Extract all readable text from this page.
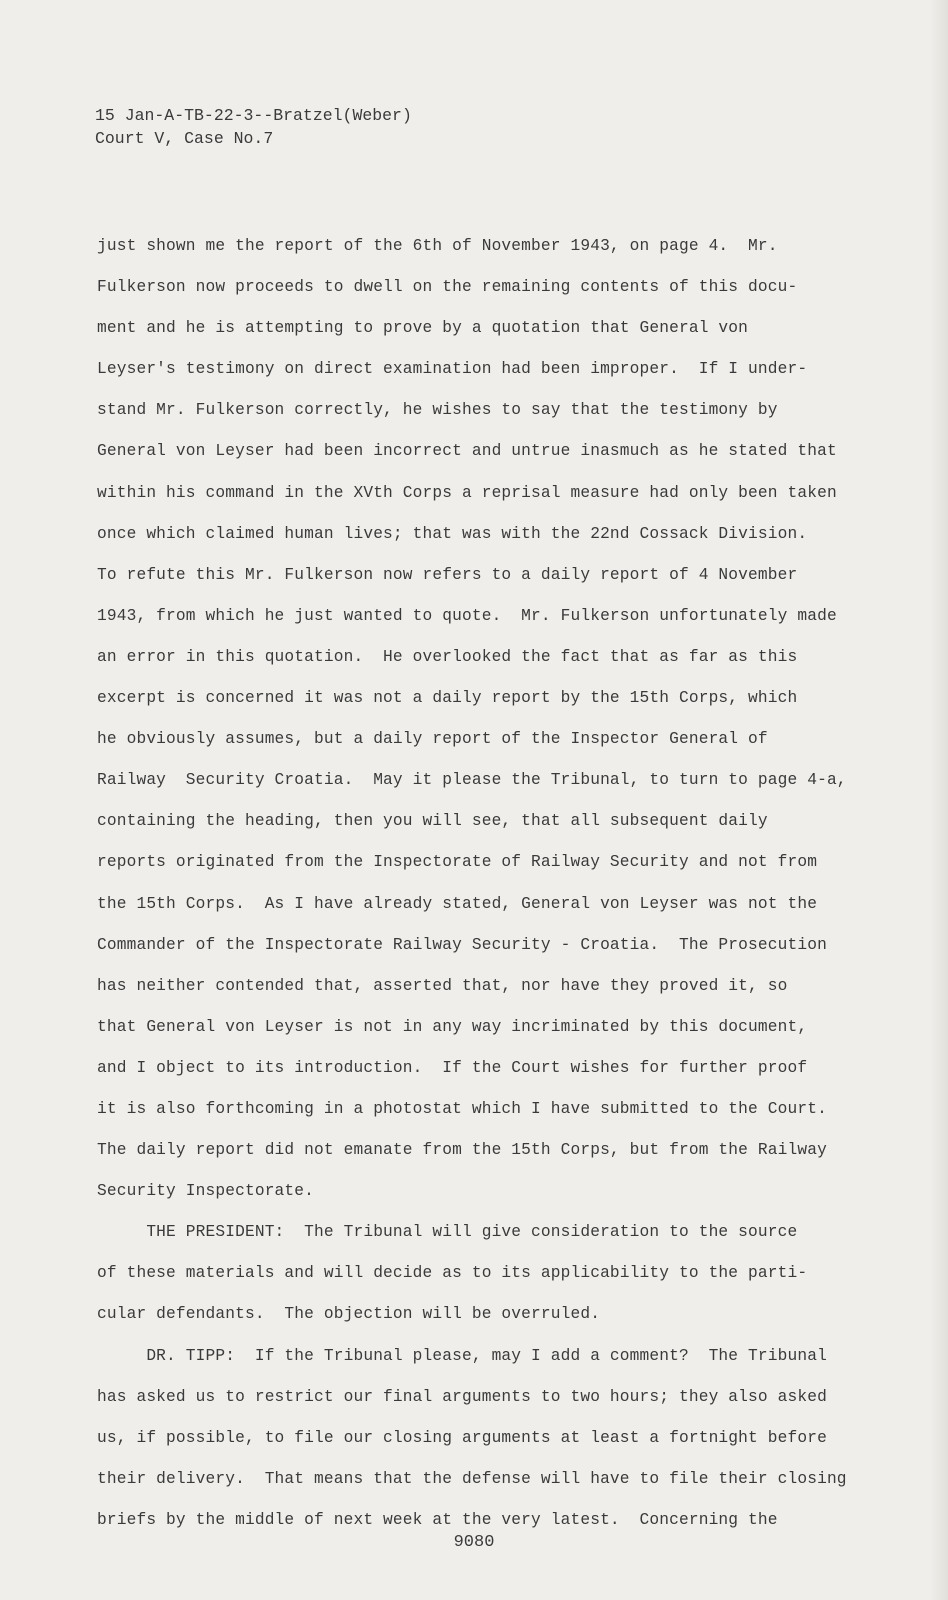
15 Jan-A-TB-22-3--Bratzel(Weber)
Court V, Case No.7
just shown me the report of the 6th of November 1943, on page 4.  Mr.
Fulkerson now proceeds to dwell on the remaining contents of this docu-
ment and he is attempting to prove by a quotation that General von
Leyser's testimony on direct examination had been improper.  If I under-
stand Mr. Fulkerson correctly, he wishes to say that the testimony by
General von Leyser had been incorrect and untrue inasmuch as he stated that
within his command in the XVth Corps a reprisal measure had only been taken
once which claimed human lives; that was with the 22nd Cossack Division.
To refute this Mr. Fulkerson now refers to a daily report of 4 November
1943, from which he just wanted to quote.  Mr. Fulkerson unfortunately made
an error in this quotation.  He overlooked the fact that as far as this
excerpt is concerned it was not a daily report by the 15th Corps, which
he obviously assumes, but a daily report of the Inspector General of
Railway  Security Croatia.  May it please the Tribunal, to turn to page 4-a,
containing the heading, then you will see, that all subsequent daily
reports originated from the Inspectorate of Railway Security and not from
the 15th Corps.  As I have already stated, General von Leyser was not the
Commander of the Inspectorate Railway Security - Croatia.  The Prosecution
has neither contended that, asserted that, nor have they proved it, so
that General von Leyser is not in any way incriminated by this document,
and I object to its introduction.  If the Court wishes for further proof
it is also forthcoming in a photostat which I have submitted to the Court.
The daily report did not emanate from the 15th Corps, but from the Railway
Security Inspectorate.
THE PRESIDENT:  The Tribunal will give consideration to the source
of these materials and will decide as to its applicability to the parti-
cular defendants.  The objection will be overruled.
DR. TIPP:  If the Tribunal please, may I add a comment?  The Tribunal
has asked us to restrict our final arguments to two hours; they also asked
us, if possible, to file our closing arguments at least a fortnight before
their delivery.  That means that the defense will have to file their closing
briefs by the middle of next week at the very latest.  Concerning the
9080
